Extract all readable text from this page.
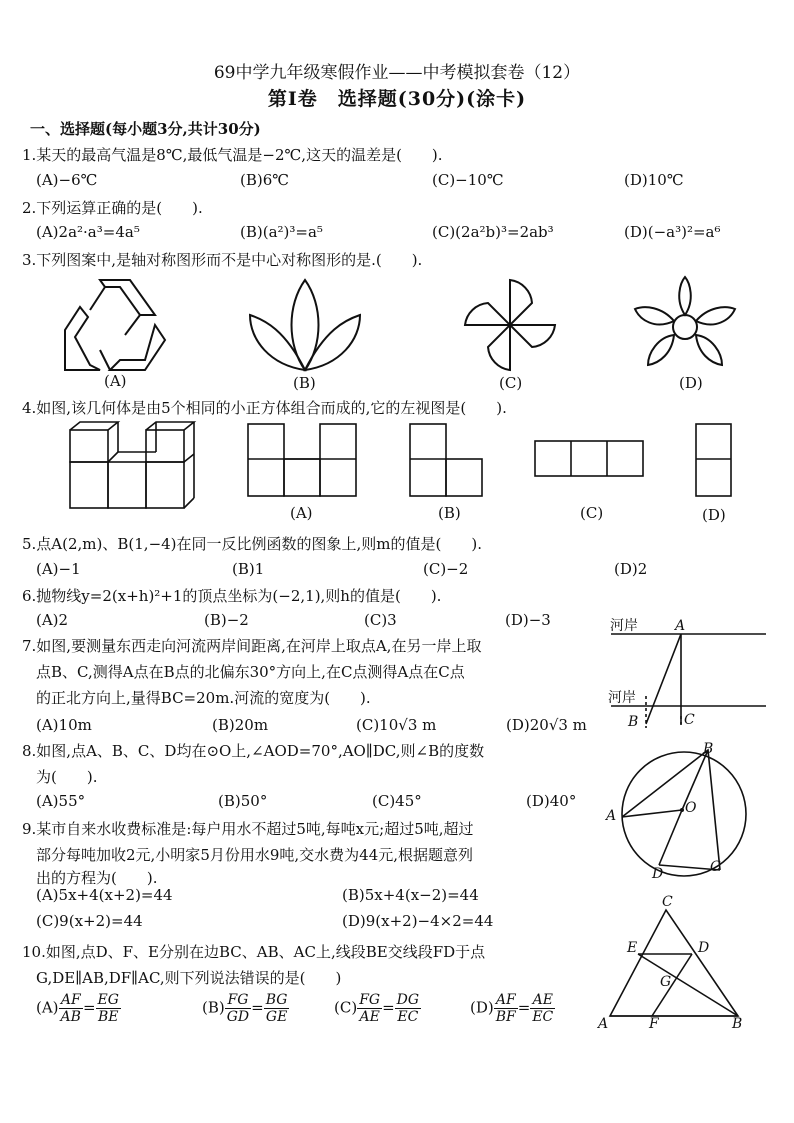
69中学九年级寒假作业——中考模拟套卷（12）
第Ⅰ卷　选择题(30分)(涂卡)
一、选择题(每小题3分,共计30分)
1.某天的最高气温是8℃,最低气温是−2℃,这天的温差是(　　).
(A)−6℃	(B)6℃	(C)−10℃	(D)10℃
2.下列运算正确的是(　　).
(A)2a²·a³=4a⁵	(B)(a²)³=a⁵	(C)(2a²b)³=2ab³	(D)(−a³)²=a⁶
3.下列图案中,是轴对称图形而不是中心对称图形的是.(　　).
(A)	(B)	(C)	(D)
4.如图,该几何体是由5个相同的小正方体组合而成的,它的左视图是(　　).
(A)	(B)	(C)	(D)
5.点A(2,m)、B(1,−4)在同一反比例函数的图象上,则m的值是(　　).
(A)−1	(B)1	(C)−2	(D)2
6.抛物线y=2(x+h)²+1的顶点坐标为(−2,1),则h的值是(　　).
(A)2	(B)−2	(C)3	(D)−3
7.如图,要测量东西走向河流两岸间距离,在河岸上取点A,在另一岸上取
点B、C,测得A点在B点的北偏东30°方向上,在C点测得A点在C点
的正北方向上,量得BC=20m.河流的宽度为(　　).
(A)10m	(B)20m	(C)10√3 m	(D)20√3 m
河岸
河岸
A
B	C
8.如图,点A、B、C、D均在⊙O上,∠AOD=70°,AO∥DC,则∠B的度数
为(　　).
(A)55°	(B)50°	(C)45°	(D)40°
B
A	O
D	C
9.某市自来水收费标准是:每户用水不超过5吨,每吨x元;超过5吨,超过
部分每吨加收2元,小明家5月份用水9吨,交水费为44元,根据题意列
出的方程为(　　).
(A)5x+4(x+2)=44	(B)5x+4(x−2)=44
(C)9(x+2)=44	(D)9(x+2)−4×2=44
10.如图,点D、F、E分别在边BC、AB、AC上,线段BE交线段FD于点
G,DE∥AB,DF∥AC,则下列说法错误的是(　　)
$(A) \frac{AF}{AB} = \frac{EG}{BE}$	$(B) \frac{FG}{GD} = \frac{BG}{GE}$	$(C) \frac{FG}{AE} = \frac{DG}{EC}$	$(D) \frac{AF}{BF} = \frac{AE}{EC}$
C
E	D
G
A	F	B
